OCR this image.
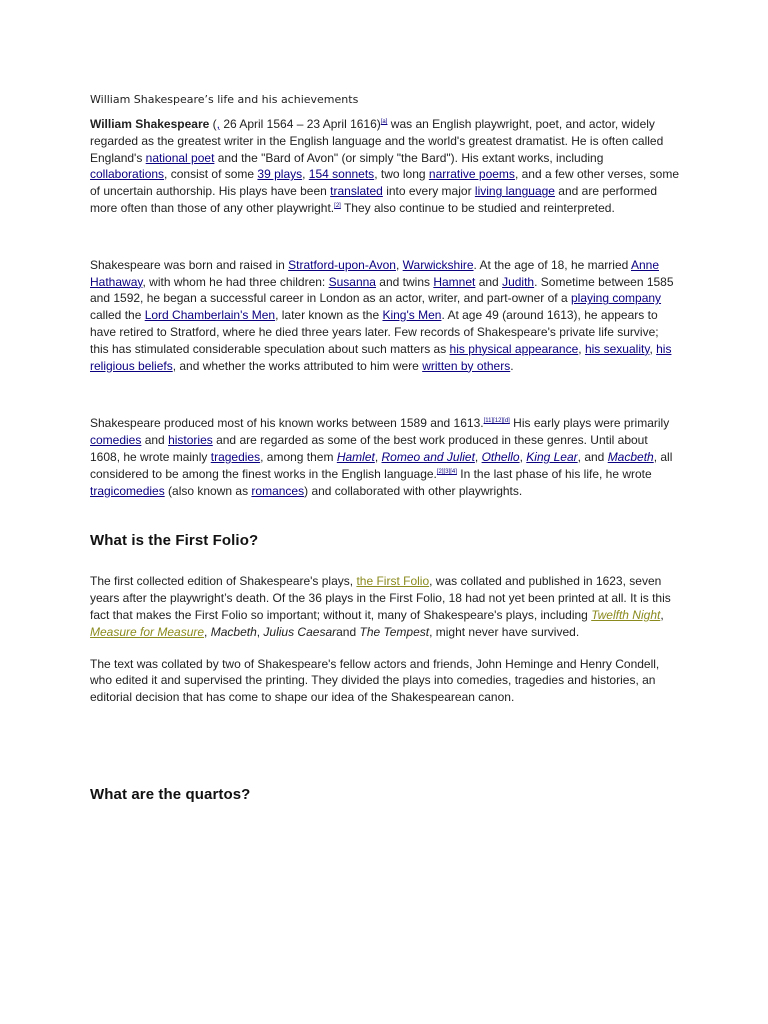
William Shakespeare’s life and his achievements

William Shakespeare (, 26 April 1564 – 23 April 1616)[a] was an English playwright, poet, and actor, widely regarded as the greatest writer in the English language and the world's greatest dramatist. He is often called England's national poet and the "Bard of Avon" (or simply "the Bard"). His extant works, including collaborations, consist of some 39 plays, 154 sonnets, two long narrative poems, and a few other verses, some of uncertain authorship. His plays have been translated into every major living language and are performed more often than those of any other playwright.[2] They also continue to be studied and reinterpreted.

Shakespeare was born and raised in Stratford-upon-Avon, Warwickshire. At the age of 18, he married Anne Hathaway, with whom he had three children: Susanna and twins Hamnet and Judith. Sometime between 1585 and 1592, he began a successful career in London as an actor, writer, and part-owner of a playing company called the Lord Chamberlain's Men, later known as the King's Men. At age 49 (around 1613), he appears to have retired to Stratford, where he died three years later. Few records of Shakespeare's private life survive; this has stimulated considerable speculation about such matters as his physical appearance, his sexuality, his religious beliefs, and whether the works attributed to him were written by others.

Shakespeare produced most of his known works between 1589 and 1613.[11][12][d] His early plays were primarily comedies and histories and are regarded as some of the best work produced in these genres. Until about 1608, he wrote mainly tragedies, among them Hamlet, Romeo and Juliet, Othello, King Lear, and Macbeth, all considered to be among the finest works in the English language.[2][3][4] In the last phase of his life, he wrote tragicomedies (also known as romances) and collaborated with other playwrights.

What is the First Folio?

The first collected edition of Shakespeare's plays, the First Folio, was collated and published in 1623, seven years after the playwright’s death. Of the 36 plays in the First Folio, 18 had not yet been printed at all. It is this fact that makes the First Folio so important; without it, many of Shakespeare's plays, including Twelfth Night, Measure for Measure, Macbeth, Julius Caesarand The Tempest, might never have survived.

The text was collated by two of Shakespeare's fellow actors and friends, John Heminge and Henry Condell, who edited it and supervised the printing. They divided the plays into comedies, tragedies and histories, an editorial decision that has come to shape our idea of the Shakespearean canon.

What are the quartos?
